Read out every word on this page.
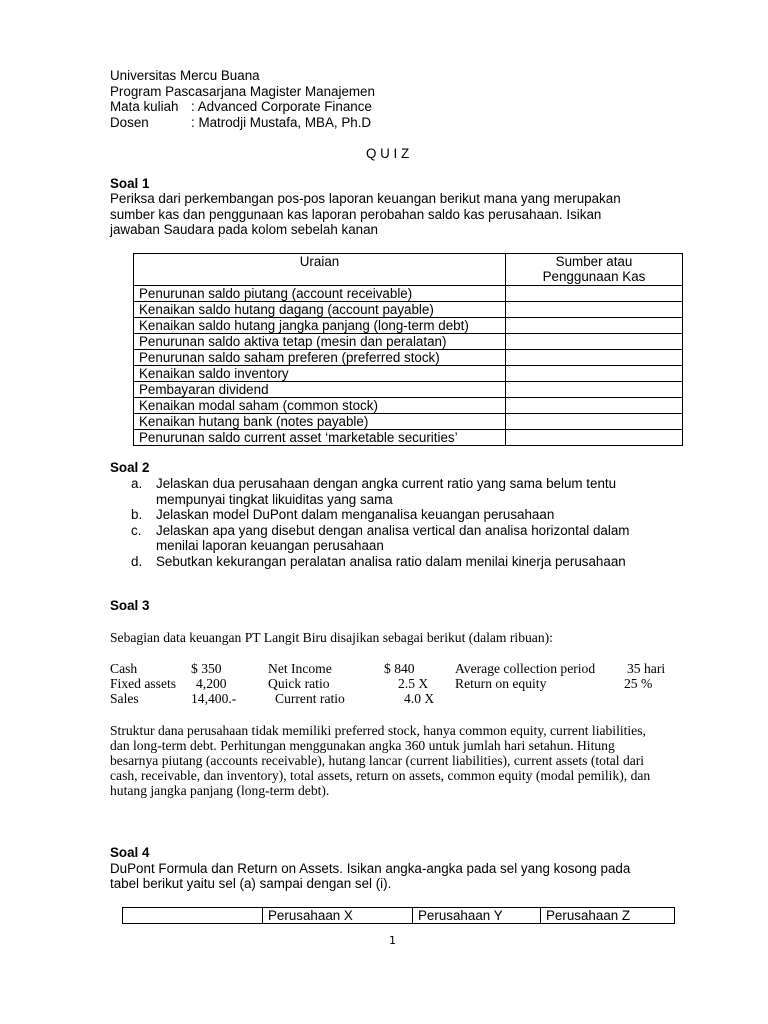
Universitas Mercu Buana
Program Pascasarjana Magister Manajemen
Mata kuliah : Advanced Corporate Finance
Dosen	: Matrodji Mustafa, MBA, Ph.D
Q U I Z
Soal 1
Periksa dari perkembangan pos-pos laporan keuangan berikut mana yang merupakan
sumber kas dan penggunaan kas laporan perobahan saldo kas perusahaan. Isikan
jawaban Saudara pada kolom sebelah kanan
Uraian	Sumber atau
Penggunaan Kas

Penurunan saldo piutang (account receivable)	
Kenaikan saldo hutang dagang (account payable)	
Kenaikan saldo hutang jangka panjang (long-term debt)	
Penurunan saldo aktiva tetap (mesin dan peralatan)	
Penurunan saldo saham preferen (preferred stock)	
Kenaikan saldo inventory	
Pembayaran dividend	
Kenaikan modal saham (common stock)	
Kenaikan hutang bank (notes payable)	
Penurunan saldo current asset ‘marketable securities’	
Soal 2
a. Jelaskan dua perusahaan dengan angka current ratio yang sama belum tentu
mempunyai tingkat likuiditas yang sama
b. Jelaskan model DuPont dalam menganalisa keuangan perusahaan
c. Jelaskan apa yang disebut dengan analisa vertical dan analisa horizontal dalam
menilai laporan keuangan perusahaan
d. Sebutkan kekurangan peralatan analisa ratio dalam menilai kinerja perusahaan
Soal 3
Sebagian data keuangan PT Langit Biru disajikan sebagai berikut (dalam ribuan):
Cash	$ 350	Net Income	$ 840	Average collection period 35 hari
Fixed assets 4,200	Quick ratio	2.5 X Return on equity	25 %
Sales	14,400.-	Current ratio	4.0 X
Struktur dana perusahaan tidak memiliki preferred stock, hanya common equity, current liabilities,
dan long-term debt. Perhitungan menggunakan angka 360 untuk jumlah hari setahun. Hitung
besarnya piutang (accounts receivable), hutang lancar (current liabilities), current assets (total dari
cash, receivable, dan inventory), total assets, return on assets, common equity (modal pemilik), dan
hutang jangka panjang (long-term debt).
Soal 4
DuPont Formula dan Return on Assets. Isikan angka-angka pada sel yang kosong pada
tabel berikut yaitu sel (a) sampai dengan sel (i).
	Perusahaan X	Perusahaan Y	Perusahaan Z
1
